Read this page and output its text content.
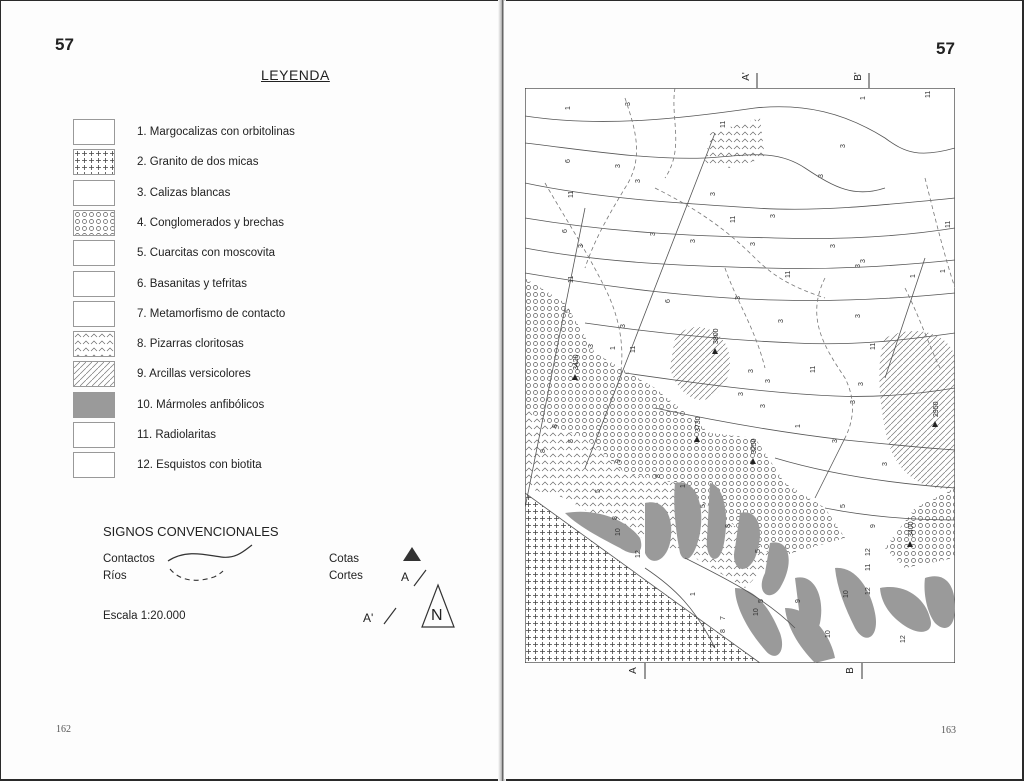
57
LEYENDA
1. Margocalizas con orbitolinas
2. Granito de dos micas
3. Calizas blancas
4. Conglomerados y brechas
5. Cuarcitas con moscovita
6. Basanitas y tefritas
7. Metamorfismo de contacto
8. Pizarras cloritosas
9. Arcillas versicolores
10. Mármoles anfibólicos
11. Radiolaritas
12. Esquistos con biotita
SIGNOS CONVENCIONALES
Contactos
Ríos
Cotas
Cortes	A
A'	N
Escala 1:20.000
162
57
A'	B'
3800
2950
3420
3730
3250
3400
1
3
11
3
1
11
3
6
3
3
11	3
11	3
11
6
3
3
3
3
3
3
11
3
1
1
11
5
6
3
3
3
11
3
1 11
3
3
3
11
3
3
3
3
1
3
3
8
5
8
8
1
9
5
5
8
8
10
5
9
12
1
5
11
12
7
8
10
5	9
10 12
10
12
2
A	B
163
